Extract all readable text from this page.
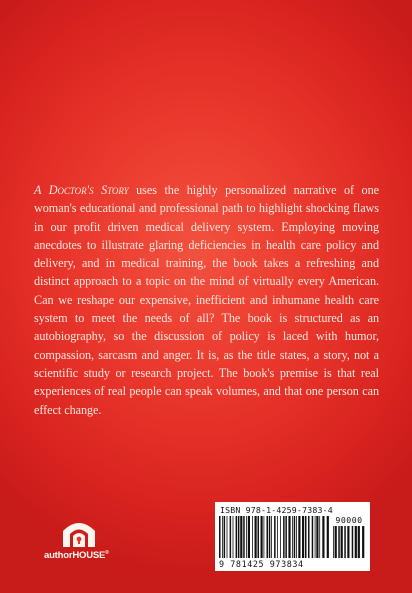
A Doctor's Story uses the highly personalized narrative of one woman's educational and professional path to highlight shocking flaws in our profit driven medical delivery system. Employing moving anecdotes to illustrate glaring deficiencies in health care policy and delivery, and in medical training, the book takes a refreshing and distinct approach to a topic on the mind of virtually every American. Can we reshape our expensive, inefficient and inhumane health care system to meet the needs of all? The book is structured as an autobiography, so the discussion of policy is laced with humor, compassion, sarcasm and anger. It is, as the title states, a story, not a scientific study or research project. The book's premise is that real experiences of real people can speak volumes, and that one person can effect change.
authorHOUSE®
ISBN 978-1-4259-7383-4
90000
9 781425 973834
